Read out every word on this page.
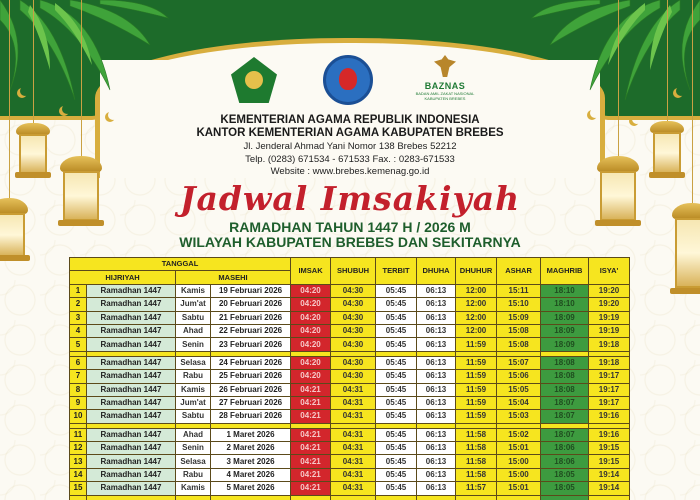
BAZNAS
BADAN AMIL ZAKAT NASIONAL
KABUPATEN BREBES
KEMENTERIAN AGAMA REPUBLIK INDONESIA
KANTOR KEMENTERIAN AGAMA KABUPATEN BREBES
Jl. Jenderal Ahmad Yani Nomor 138 Brebes 52212
Telp. (0283) 671534 - 671533 Fax. : 0283-671533
Website : www.brebes.kemenag.go.id
Jadwal Imsakiyah
RAMADHAN TAHUN 1447 H / 2026 M
WILAYAH KABUPATEN BREBES DAN SEKITARNYA
TANGGAL				IMSAK	SHUBUH	TERBIT	DHUHA	DHUHUR	ASHAR	MAGHRIB	ISYA'
HIJRIYAH		MASEHI									
1	Ramadhan 1447	Kamis	19 Februari 2026	04:20	04:30	05:45	06:13	12:00	15:11	18:10	19:20
2	Ramadhan 1447	Jum'at	20 Februari 2026	04:20	04:30	05:45	06:13	12:00	15:10	18:10	19:20
3	Ramadhan 1447	Sabtu	21 Februari 2026	04:20	04:30	05:45	06:13	12:00	15:09	18:09	19:19
4	Ramadhan 1447	Ahad	22 Februari 2026	04:20	04:30	05:45	06:13	12:00	15:08	18:09	19:19
5	Ramadhan 1447	Senin	23 Februari 2026	04:20	04:30	05:45	06:13	11:59	15:08	18:09	19:18

6	Ramadhan 1447	Selasa	24 Februari 2026	04:20	04:30	05:45	06:13	11:59	15:07	18:08	19:18
7	Ramadhan 1447	Rabu	25 Februari 2026	04:20	04:30	05:45	06:13	11:59	15:06	18:08	19:17
8	Ramadhan 1447	Kamis	26 Februari 2026	04:21	04:31	05:45	06:13	11:59	15:05	18:08	19:17
9	Ramadhan 1447	Jum'at	27 Februari 2026	04:21	04:31	05:45	06:13	11:59	15:04	18:07	19:17
10	Ramadhan 1447	Sabtu	28 Februari 2026	04:21	04:31	05:45	06:13	11:59	15:03	18:07	19:16

11	Ramadhan 1447	Ahad	1 Maret 2026	04:21	04:31	05:45	06:13	11:58	15:02	18:07	19:16
12	Ramadhan 1447	Senin	2 Maret 2026	04:21	04:31	05:45	06:13	11:58	15:01	18:06	19:15
13	Ramadhan 1447	Selasa	3 Maret 2026	04:21	04:31	05:45	06:13	11:58	15:00	18:06	19:15
14	Ramadhan 1447	Rabu	4 Maret 2026	04:21	04:31	05:45	06:13	11:58	15:00	18:05	19:14
15	Ramadhan 1447	Kamis	5 Maret 2026	04:21	04:31	05:45	06:13	11:57	15:01	18:05	19:14
